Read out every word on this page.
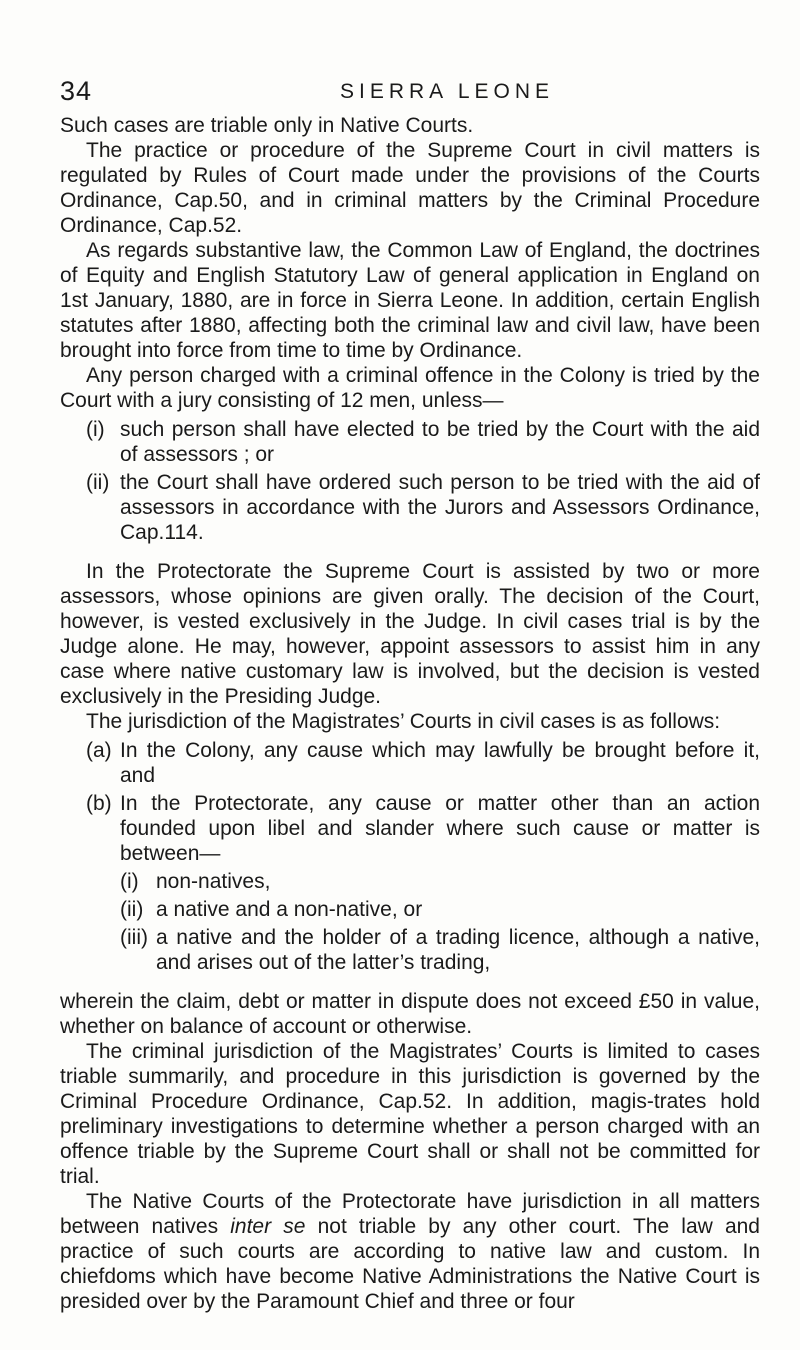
34	SIERRA LEONE

Such cases are triable only in Native Courts.

The practice or procedure of the Supreme Court in civil matters is regulated by Rules of Court made under the provisions of the Courts Ordinance, Cap.50, and in criminal matters by the Criminal Procedure Ordinance, Cap.52.

As regards substantive law, the Common Law of England, the doctrines of Equity and English Statutory Law of general application in England on 1st January, 1880, are in force in Sierra Leone. In addition, certain English statutes after 1880, affecting both the criminal law and civil law, have been brought into force from time to time by Ordinance.

Any person charged with a criminal offence in the Colony is tried by the Court with a jury consisting of 12 men, unless—

(i) such person shall have elected to be tried by the Court with the aid of assessors ; or
(ii) the Court shall have ordered such person to be tried with the aid of assessors in accordance with the Jurors and Assessors Ordinance, Cap.114.

In the Protectorate the Supreme Court is assisted by two or more assessors, whose opinions are given orally. The decision of the Court, however, is vested exclusively in the Judge. In civil cases trial is by the Judge alone. He may, however, appoint assessors to assist him in any case where native customary law is involved, but the decision is vested exclusively in the Presiding Judge.

The jurisdiction of the Magistrates’ Courts in civil cases is as follows:

(a) In the Colony, any cause which may lawfully be brought before it, and
(b) In the Protectorate, any cause or matter other than an action founded upon libel and slander where such cause or matter is between—
(i) non-natives,
(ii) a native and a non-native, or
(iii) a native and the holder of a trading licence, although a native, and arises out of the latter’s trading,

wherein the claim, debt or matter in dispute does not exceed £50 in value, whether on balance of account or otherwise.

The criminal jurisdiction of the Magistrates’ Courts is limited to cases triable summarily, and procedure in this jurisdiction is governed by the Criminal Procedure Ordinance, Cap.52. In addition, magis-trates hold preliminary investigations to determine whether a person charged with an offence triable by the Supreme Court shall or shall not be committed for trial.

The Native Courts of the Protectorate have jurisdiction in all matters between natives inter se not triable by any other court. The law and practice of such courts are according to native law and custom. In chiefdoms which have become Native Administrations the Native Court is presided over by the Paramount Chief and three or four
